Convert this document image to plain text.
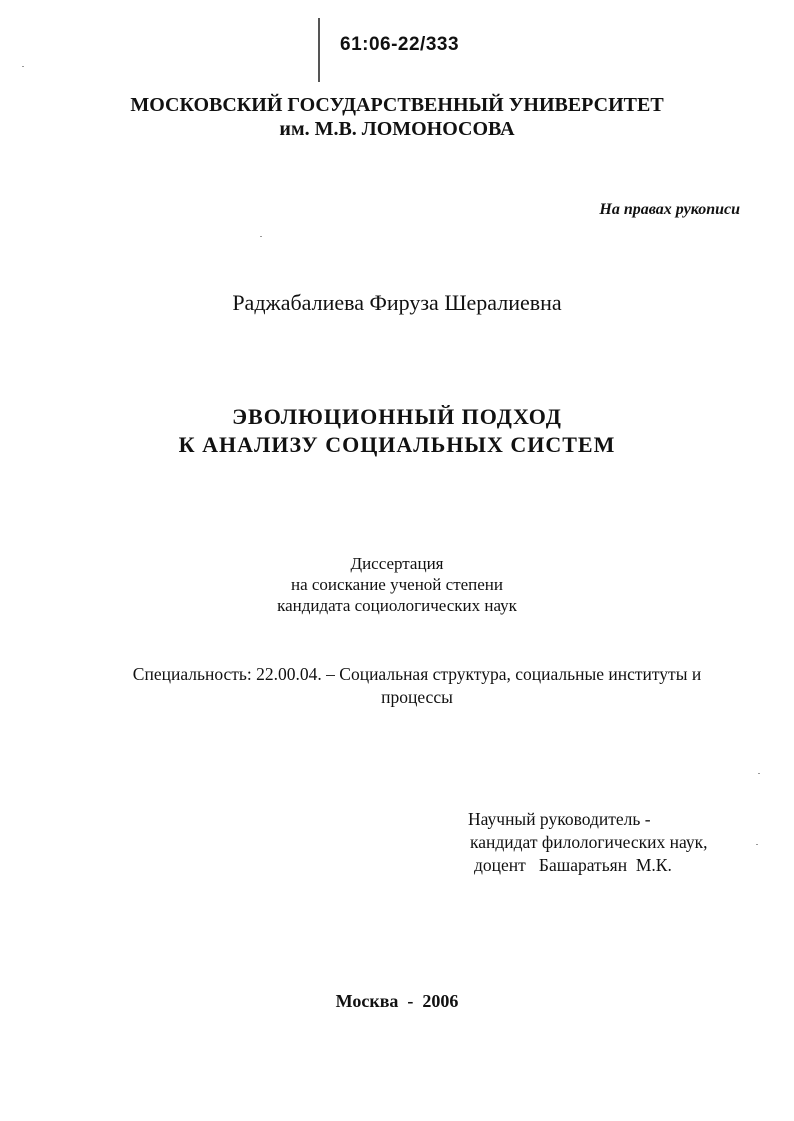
61:06-22/333
МОСКОВСКИЙ ГОСУДАРСТВЕННЫЙ УНИВЕРСИТЕТ
им. М.В. ЛОМОНОСОВА
На правах рукописи
Раджабалиева Фируза Шералиевна
ЭВОЛЮЦИОННЫЙ ПОДХОД
К АНАЛИЗУ СОЦИАЛЬНЫХ СИСТЕМ
Диссертация
на соискание ученой степени
кандидата социологических наук
Специальность: 22.00.04. – Социальная структура, социальные институты и
процессы
Научный руководитель -
кандидат филологических наук,
доцент   Башаратьян  М.К.
Москва  -  2006
